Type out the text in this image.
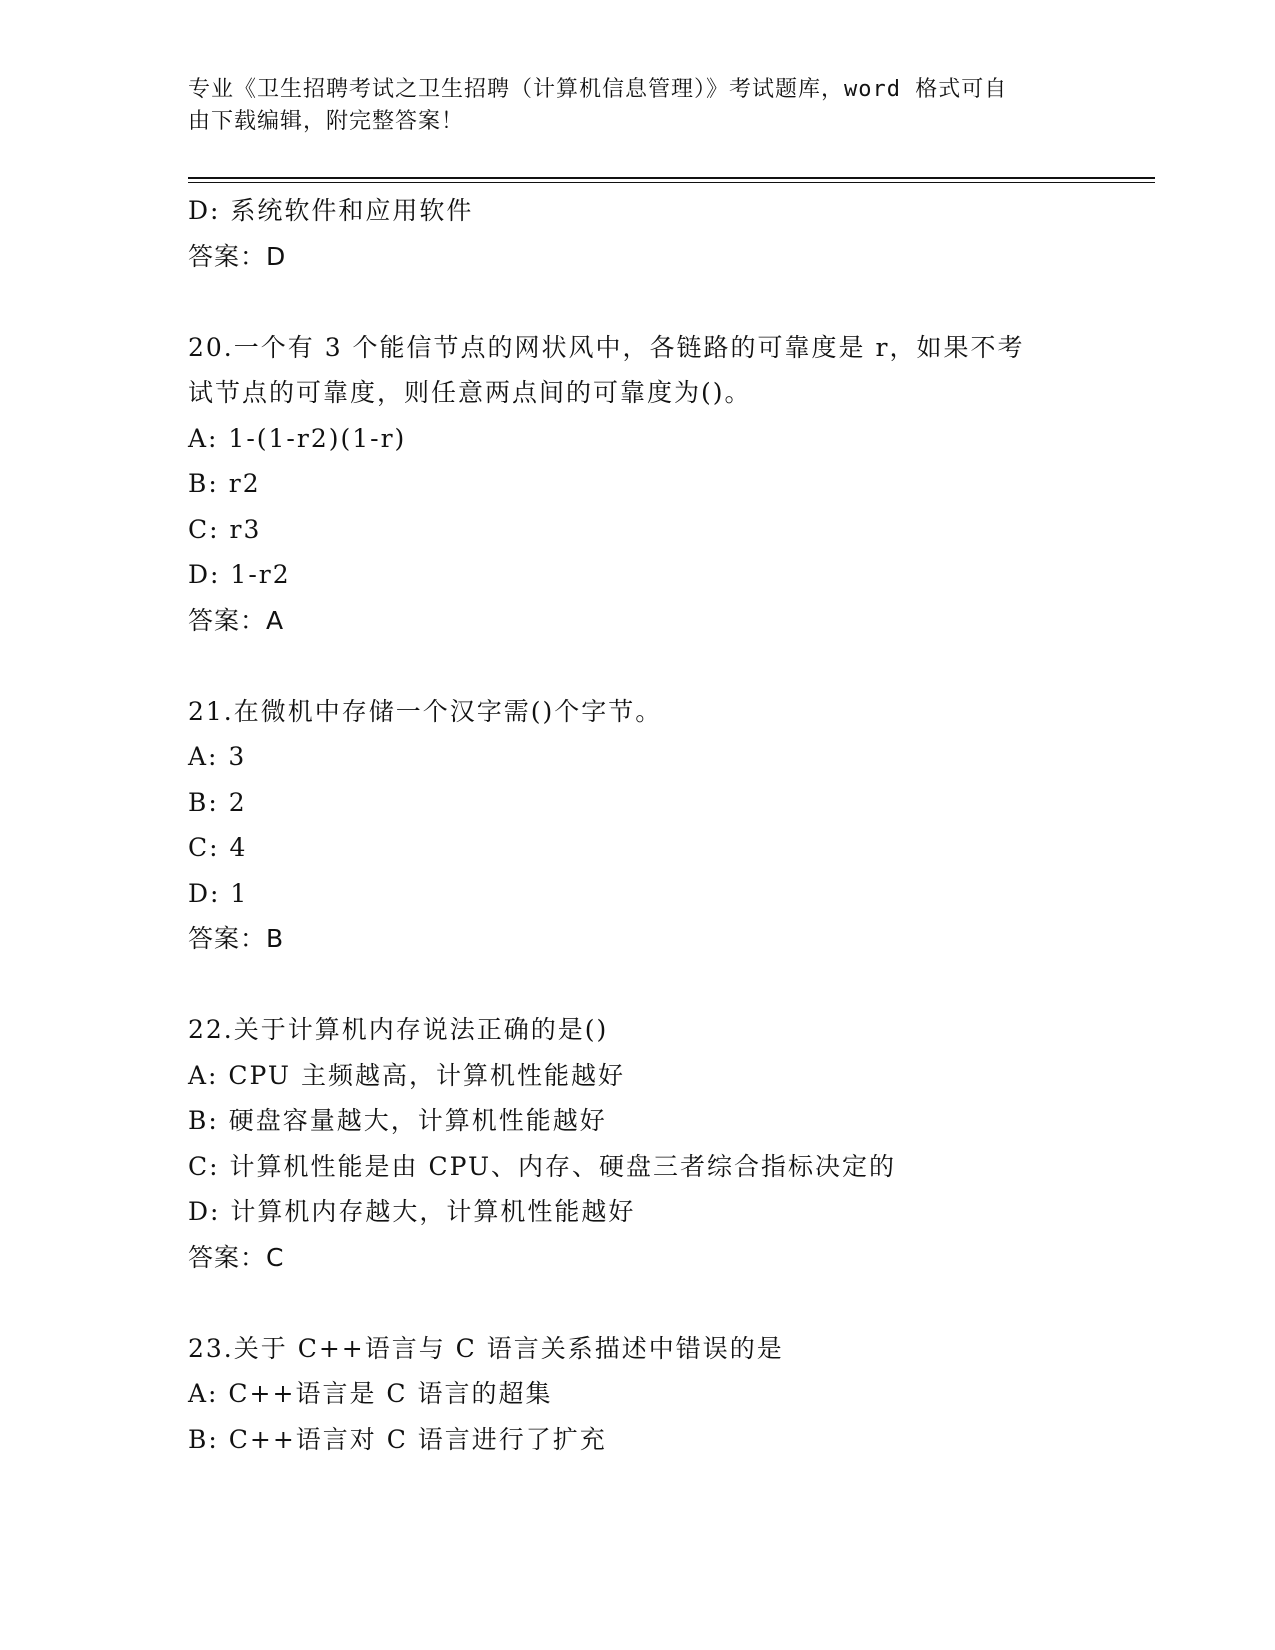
专业《卫生招聘考试之卫生招聘（计算机信息管理）》考试题库，word 格式可自
由下载编辑，附完整答案！
D: 系统软件和应用软件
答案：D
20.一个有 3 个能信节点的网状风中，各链路的可靠度是 r，如果不考
试节点的可靠度，则任意两点间的可靠度为()。
A: 1-(1-r2)(1-r)
B: r2
C: r3
D: 1-r2
答案：A
21.在微机中存储一个汉字需()个字节。
A: 3
B: 2
C: 4
D: 1
答案：B
22.关于计算机内存说法正确的是()
A: CPU 主频越高，计算机性能越好
B: 硬盘容量越大，计算机性能越好
C: 计算机性能是由 CPU、内存、硬盘三者综合指标决定的
D: 计算机内存越大，计算机性能越好
答案：C
23.关于 C++语言与 C 语言关系描述中错误的是
A: C++语言是 C 语言的超集
B: C++语言对 C 语言进行了扩充
